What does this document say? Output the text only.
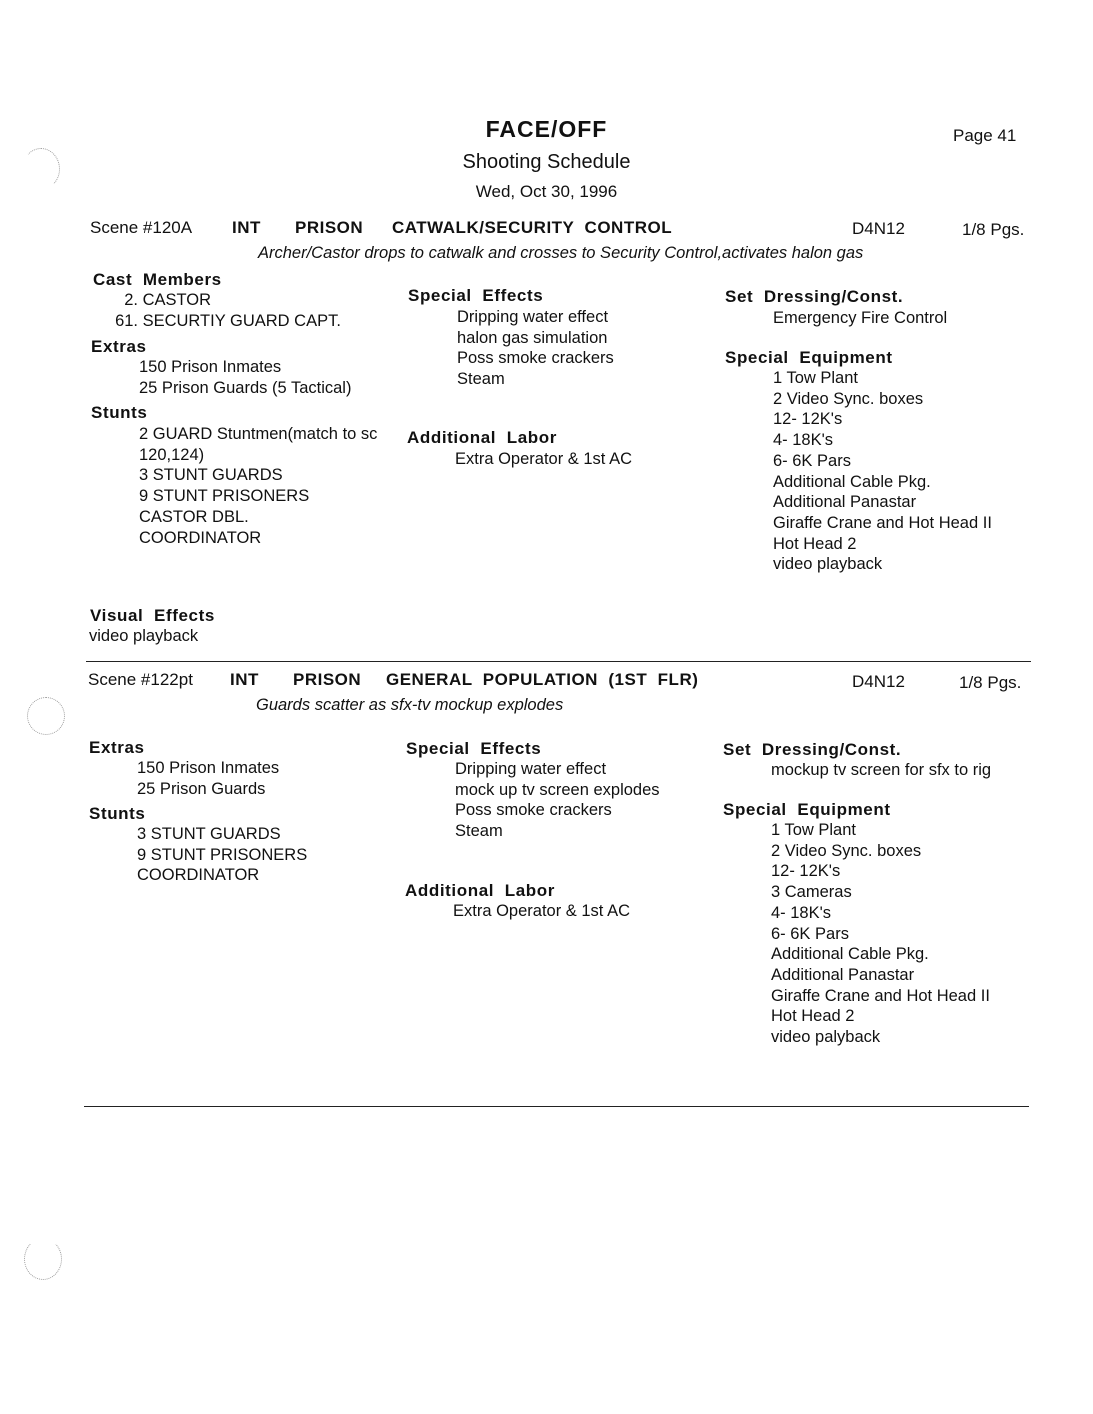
FACE/OFF
Shooting Schedule
Wed, Oct 30, 1996
Page 41
Scene #120A INT PRISON CATWALK/SECURITY  CONTROL	D4N12	1/8 Pgs.
Archer/Castor drops to catwalk and crosses to Security Control,activates halon gas
Cast  Members
2. CASTOR
61. SECURTIY GUARD CAPT.
Extras
150 Prison Inmates
25 Prison Guards (5 Tactical)
Stunts
2 GUARD Stuntmen(match to sc
120,124)
3 STUNT GUARDS
9 STUNT PRISONERS
CASTOR DBL.
COORDINATOR
Special  Effects
Dripping water effect
halon gas simulation
Poss smoke crackers
Steam
Additional  Labor
Extra Operator & 1st AC
Set  Dressing/Const.
Emergency Fire Control
Special  Equipment
1 Tow Plant
2 Video Sync. boxes
12- 12K's
4- 18K's
6- 6K Pars
Additional Cable Pkg.
Additional Panastar
Giraffe Crane and Hot Head II
Hot Head 2
video playback
Visual  Effects
video playback
Scene #122pt INT PRISON GENERAL  POPULATION  (1ST  FLR)	D4N12	1/8 Pgs.
Guards scatter as sfx-tv mockup explodes
Extras
150 Prison Inmates
25 Prison Guards
Stunts
3 STUNT GUARDS
9 STUNT PRISONERS
COORDINATOR
Special  Effects
Dripping water effect
mock up tv screen explodes
Poss smoke crackers
Steam
Additional  Labor
Extra Operator & 1st AC
Set  Dressing/Const.
mockup tv screen for sfx to rig
Special  Equipment
1 Tow Plant
2 Video Sync. boxes
12- 12K's
3 Cameras
4- 18K's
6- 6K Pars
Additional Cable Pkg.
Additional Panastar
Giraffe Crane and Hot Head II
Hot Head 2
video palyback
